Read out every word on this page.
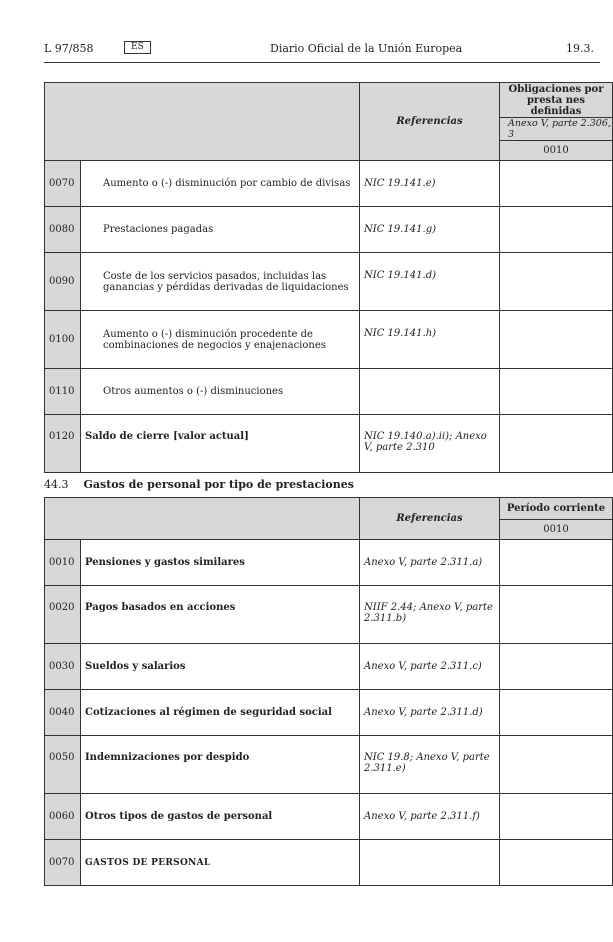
L 97/858	ES	Diario Oficial de la Unión Europea	19.3.
		Referencias	Obligaciones por presta nes definidas
			Anexo V, parte 2.306, 3
			0010
0070	Aumento o (-) disminución por cambio de divisas	NIC 19.141.e)	
0080	Prestaciones pagadas	NIC 19.141.g)	
0090	Coste de los servicios pasados, incluidas las ganancias y pérdidas derivadas de liquidaciones	NIC 19.141.d)	
0100	Aumento o (-) disminución procedente de combinaciones de negocios y enajenaciones	NIC 19.141.h)	
0110	Otros aumentos o (-) disminuciones		
0120	Saldo de cierre [valor actual]	NIC 19.140.a).ii); Anexo V, parte 2.310	
44.3 Gastos de personal por tipo de prestaciones
		Referencias	Período corriente
			0010
0010	Pensiones y gastos similares	Anexo V, parte 2.311.a)	
0020	Pagos basados en acciones	NIIF 2.44; Anexo V, parte 2.311.b)	
0030	Sueldos y salarios	Anexo V, parte 2.311.c)	
0040	Cotizaciones al régimen de seguridad social	Anexo V, parte 2.311.d)	
0050	Indemnizaciones por despido	NIC 19.8; Anexo V, parte 2.311.e)	
0060	Otros tipos de gastos de personal	Anexo V, parte 2.311.f)	
0070	GASTOS DE PERSONAL		
